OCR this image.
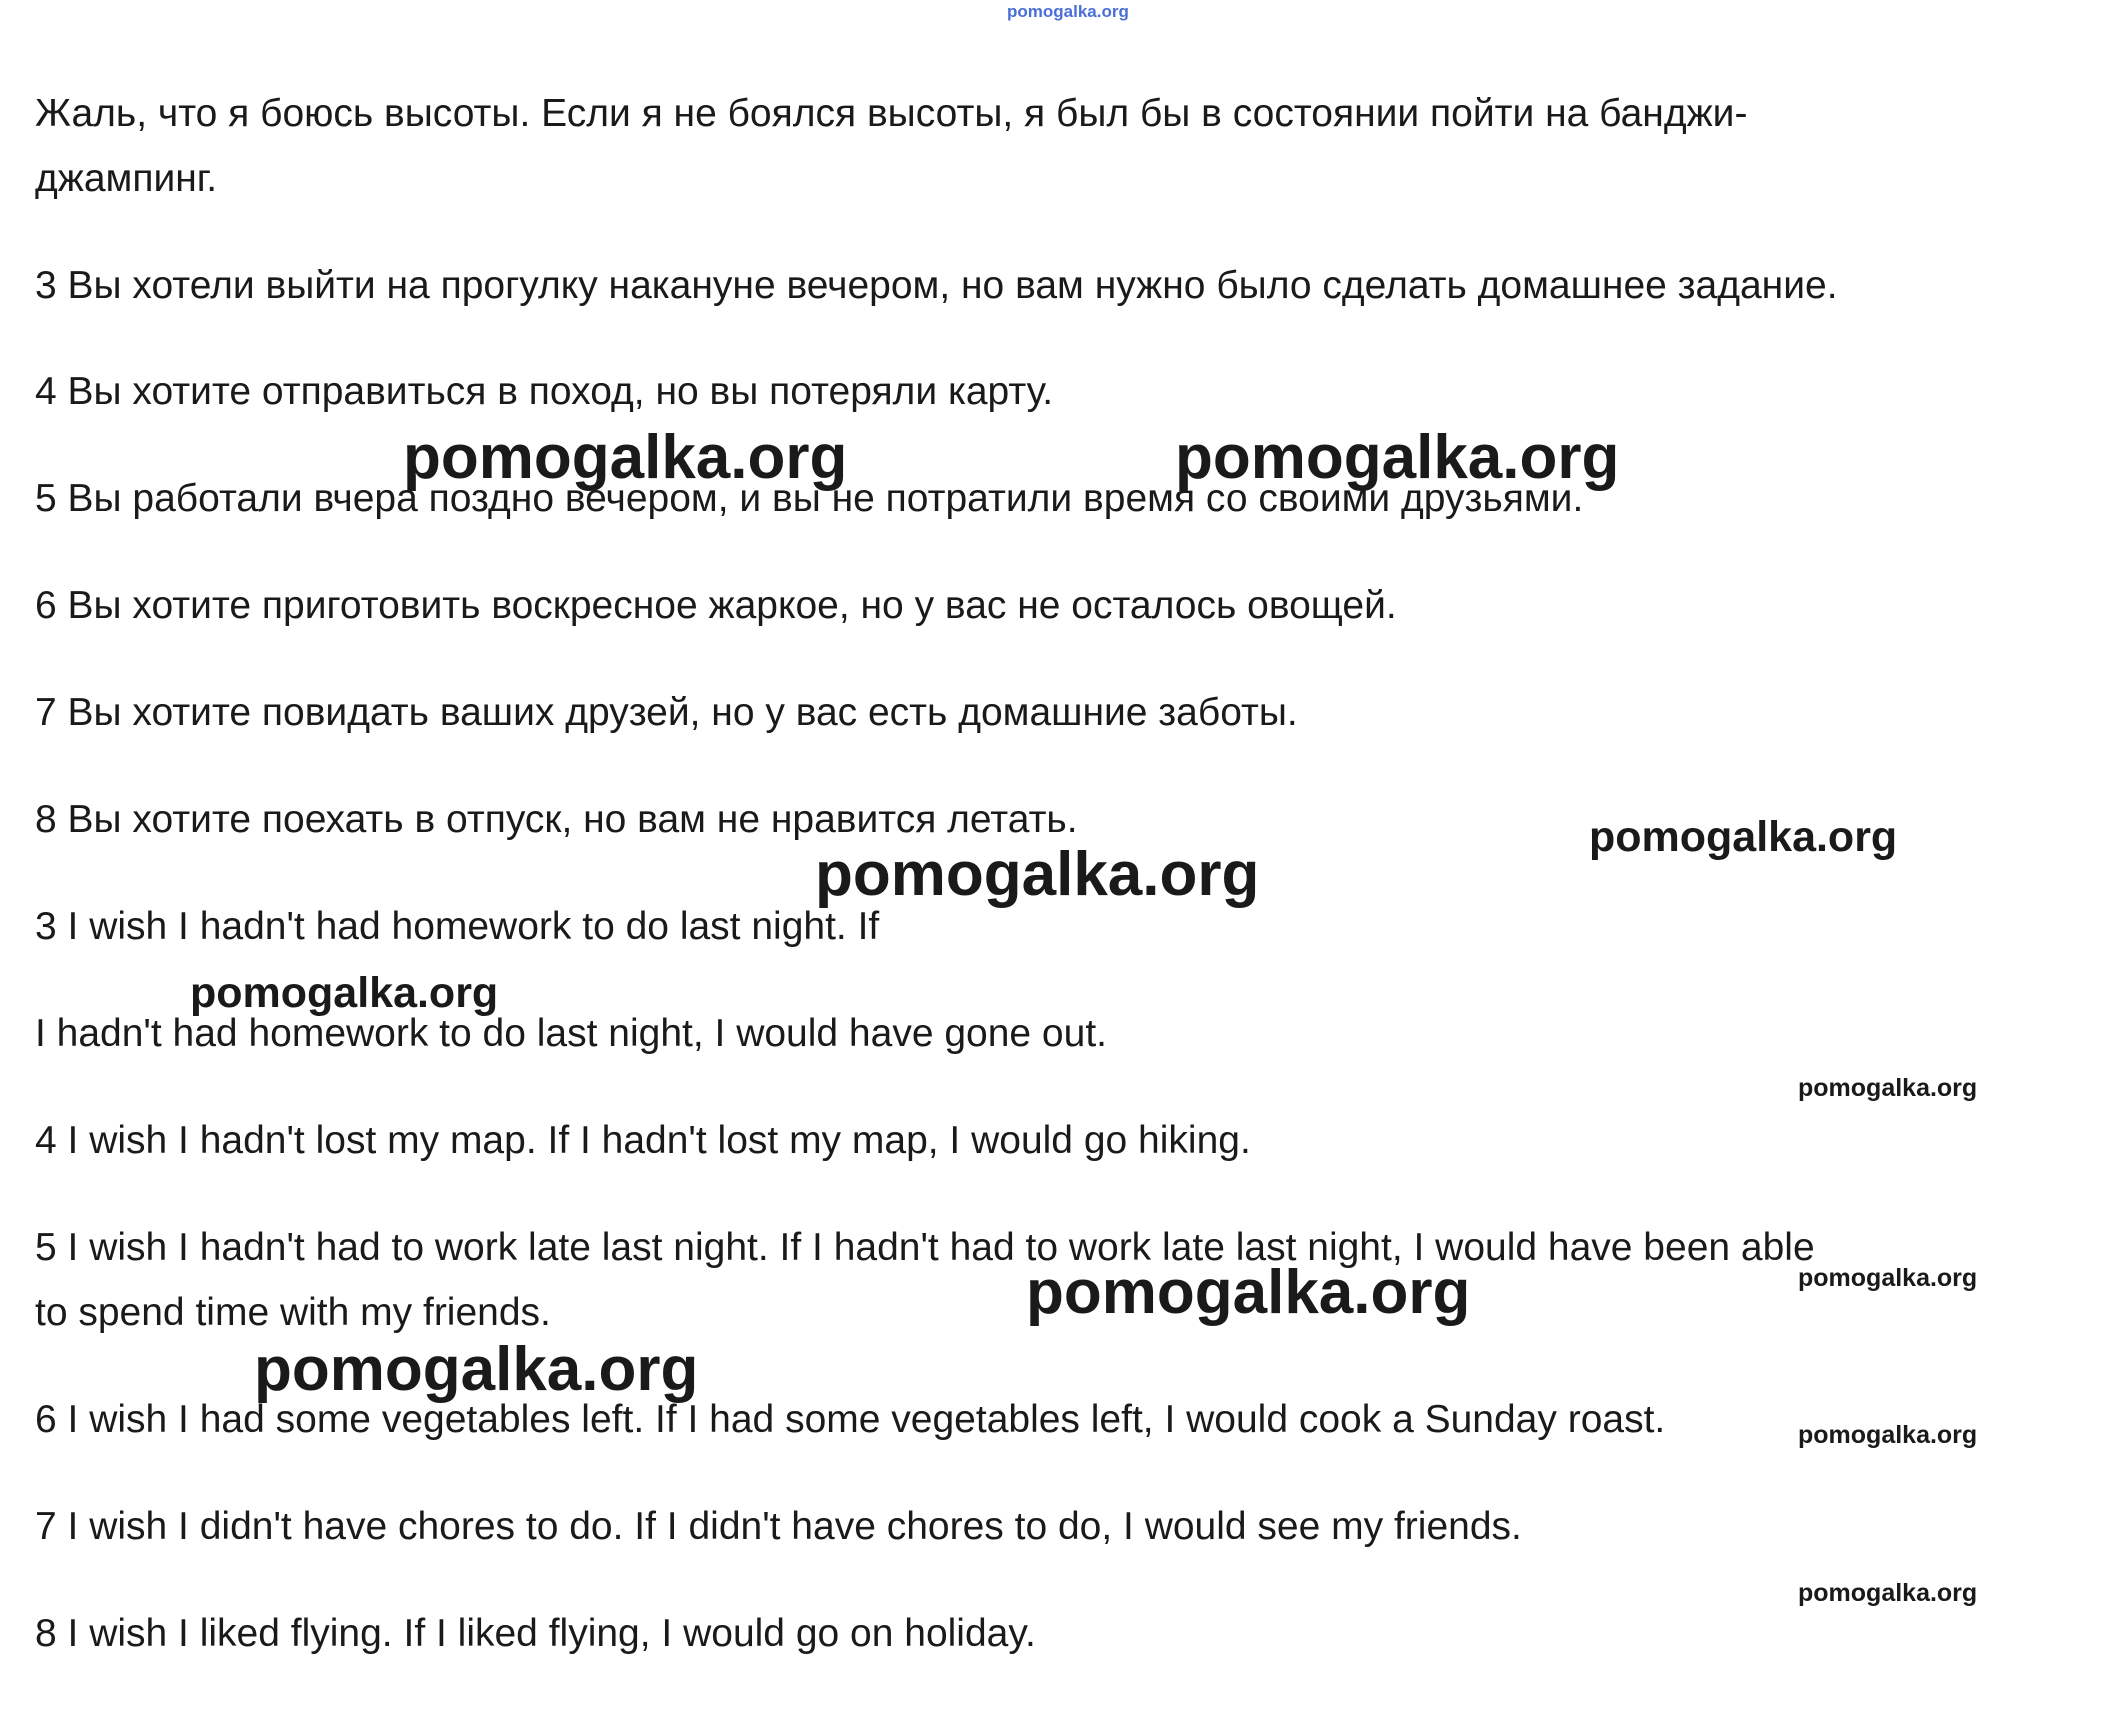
pomogalka.org
Жаль, что я боюсь высоты. Если я не боялся высоты, я был бы в состоянии пойти на банджи-
джампинг.
3 Вы хотели выйти на прогулку накануне вечером, но вам нужно было сделать домашнее задание.
4 Вы хотите отправиться в поход, но вы потеряли карту.
5 Вы работали вчера поздно вечером, и вы не потратили время со своими друзьями.
6 Вы хотите приготовить воскресное жаркое, но у вас не осталось овощей.
7 Вы хотите повидать ваших друзей, но у вас есть домашние заботы.
8 Вы хотите поехать в отпуск, но вам не нравится летать.
3 I wish I hadn't had homework to do last night. If
I hadn't had homework to do last night, I would have gone out.
4 I wish I hadn't lost my map. If I hadn't lost my map, I would go hiking.
5 I wish I hadn't had to work late last night. If I hadn't had to work late last night, I would have been able
to spend time with my friends.
6 I wish I had some vegetables left. If I had some vegetables left, I would cook a Sunday roast.
7 I wish I didn't have chores to do. If I didn't have chores to do, I would see my friends.
8 I wish I liked flying. If I liked flying, I would go on holiday.
pomogalka.org	pomogalka.org
pomogalka.org
pomogalka.org
pomogalka.org
pomogalka.org
pomogalka.org
pomogalka.org
pomogalka.org
pomogalka.org
pomogalka.org
